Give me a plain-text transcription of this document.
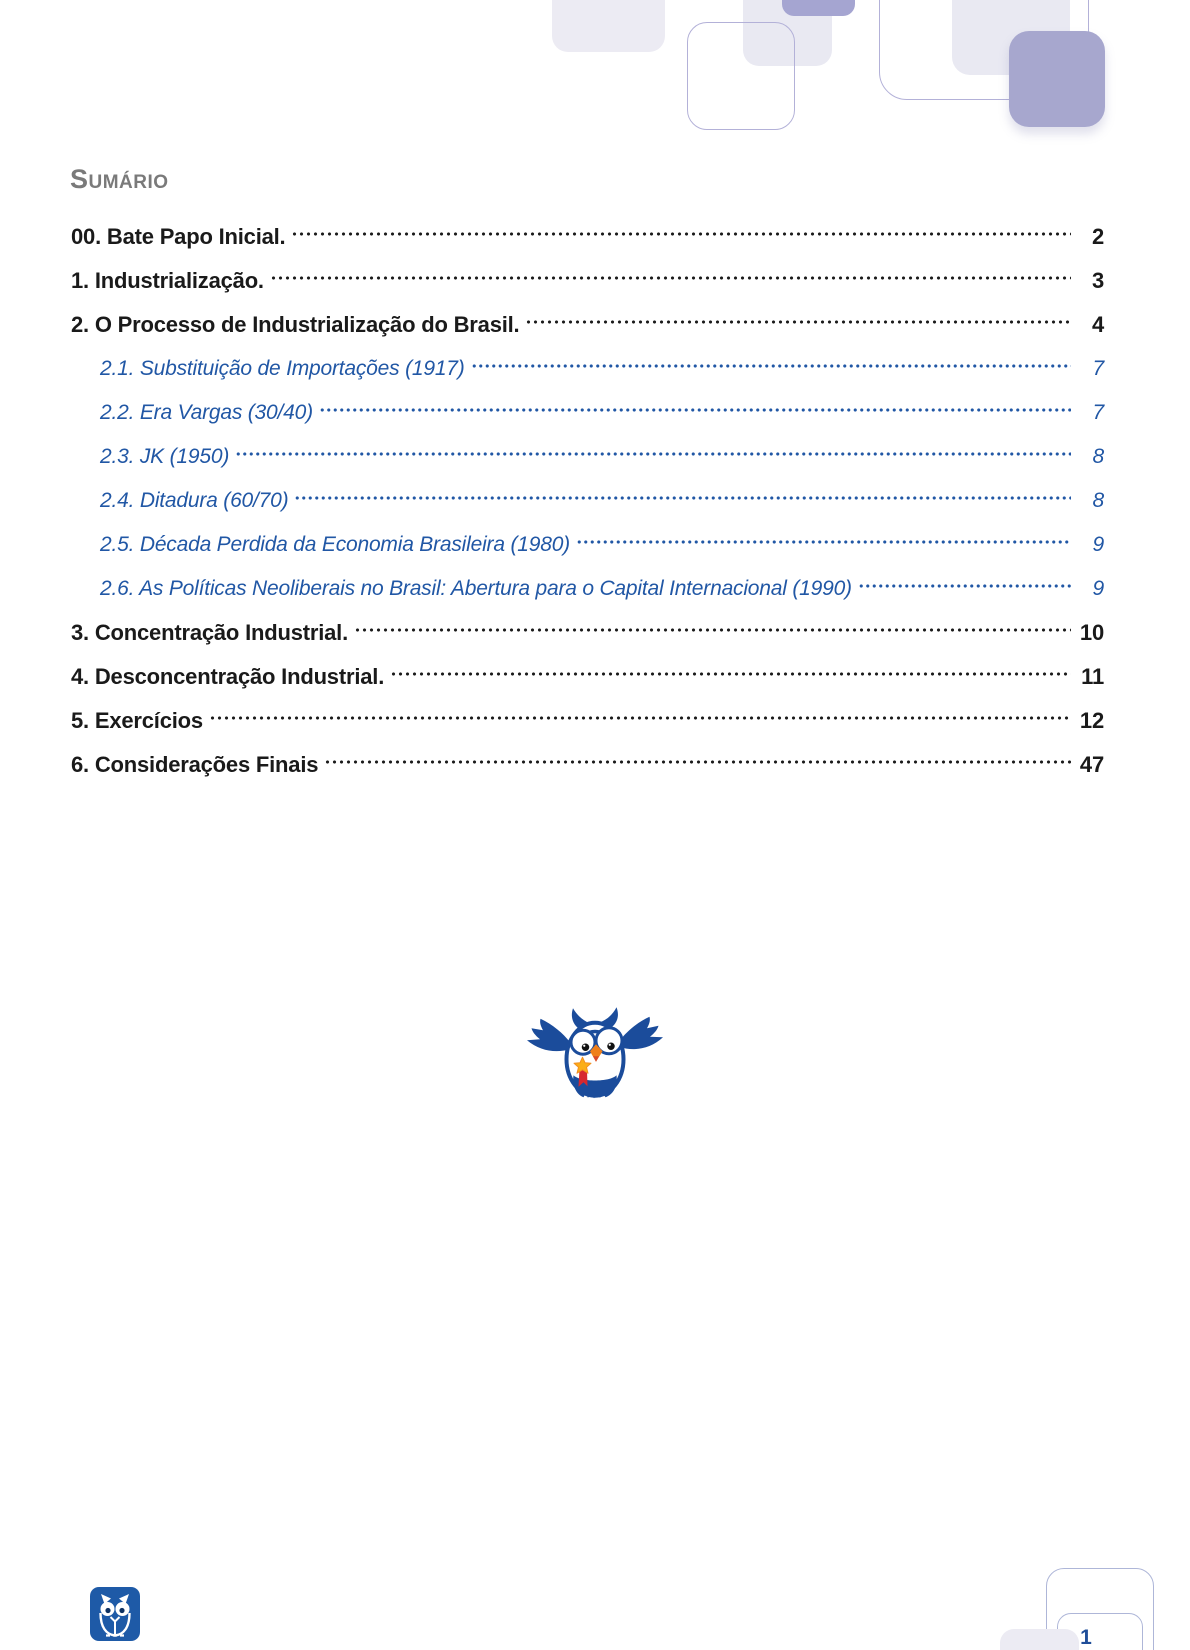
Sumário
00. Bate Papo Inicial.	2
1. Industrialização.	3
2. O Processo de Industrialização do Brasil.	4
2.1. Substituição de Importações (1917)	7
2.2. Era Vargas (30/40)	7
2.3. JK (1950)	8
2.4. Ditadura (60/70)	8
2.5. Década Perdida da Economia Brasileira (1980)	9
2.6. As Políticas Neoliberais no Brasil: Abertura para o Capital Internacional (1990)	9
3. Concentração Industrial.	10
4. Desconcentração Industrial.	11
5. Exercícios	12
6. Considerações Finais	47
1
